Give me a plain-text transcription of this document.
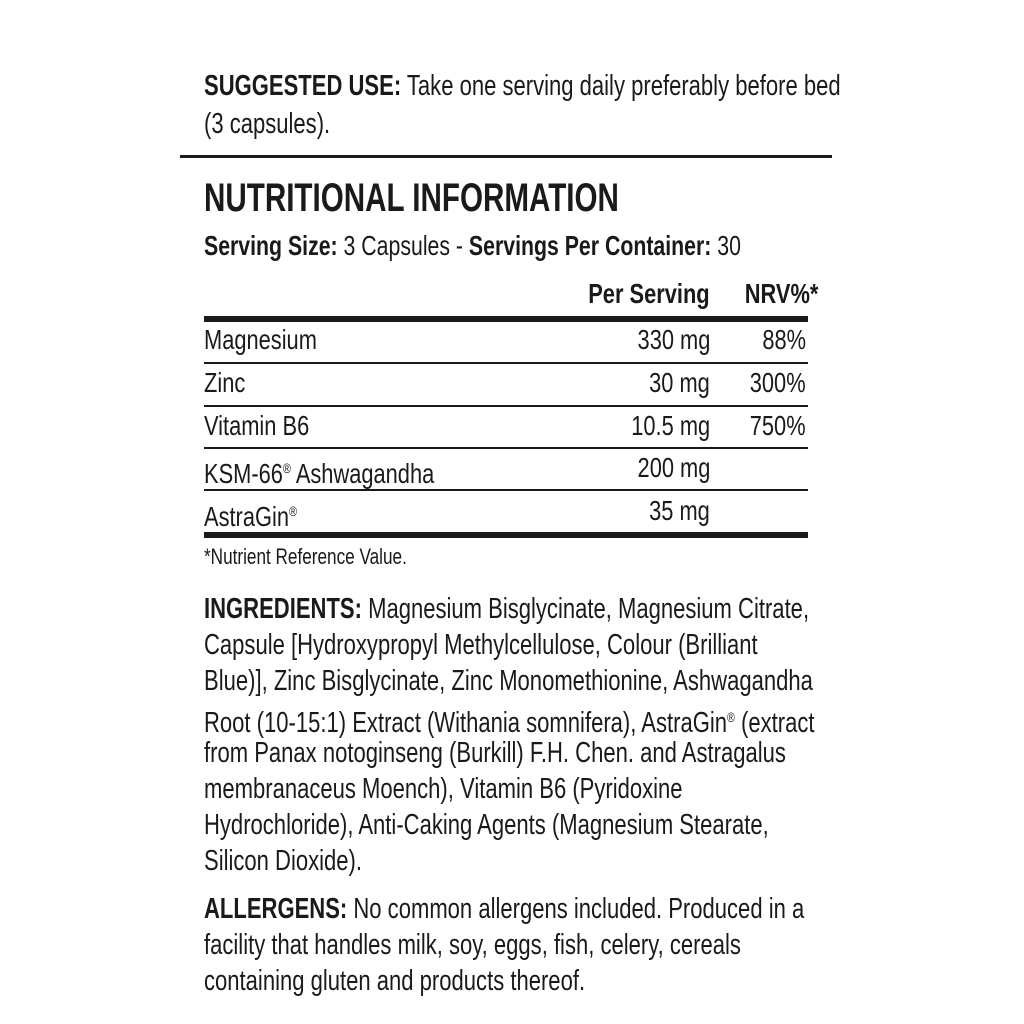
SUGGESTED USE: Take one serving daily preferably before bed
(3 capsules).
NUTRITIONAL INFORMATION
Serving Size: 3 Capsules - Servings Per Container: 30
Per Serving	NRV%*
Magnesium	330 mg	88%
Zinc	30 mg	300%
Vitamin B6	10.5 mg	750%
KSM-66® Ashwagandha	200 mg
AstraGin®	35 mg
*Nutrient Reference Value.
INGREDIENTS: Magnesium Bisglycinate, Magnesium Citrate,
Capsule [Hydroxypropyl Methylcellulose, Colour (Brilliant
Blue)], Zinc Bisglycinate, Zinc Monomethionine, Ashwagandha
Root (10-15:1) Extract (Withania somnifera), AstraGin® (extract
from Panax notoginseng (Burkill) F.H. Chen. and Astragalus
membranaceus Moench), Vitamin B6 (Pyridoxine
Hydrochloride), Anti-Caking Agents (Magnesium Stearate,
Silicon Dioxide).
ALLERGENS: No common allergens included. Produced in a
facility that handles milk, soy, eggs, fish, celery, cereals
containing gluten and products thereof.
